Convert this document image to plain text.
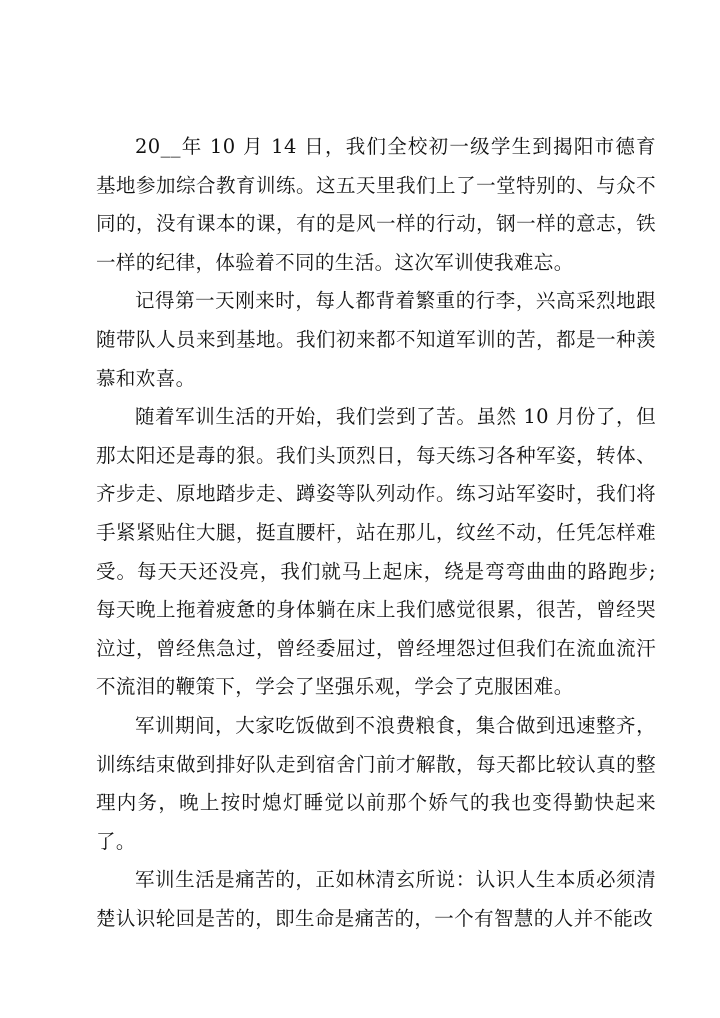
20__年 10 月 14 日，我们全校初一级学生到揭阳市德育基地参加综合教育训练。这五天里我们上了一堂特别的、与众不同的，没有课本的课，有的是风一样的行动，钢一样的意志，铁一样的纪律，体验着不同的生活。这次军训使我难忘。

记得第一天刚来时，每人都背着繁重的行李，兴高采烈地跟随带队人员来到基地。我们初来都不知道军训的苦，都是一种羡慕和欢喜。

随着军训生活的开始，我们尝到了苦。虽然 10 月份了，但那太阳还是毒的狠。我们头顶烈日，每天练习各种军姿，转体、齐步走、原地踏步走、蹲姿等队列动作。练习站军姿时，我们将手紧紧贴住大腿，挺直腰杆，站在那儿，纹丝不动，任凭怎样难受。每天天还没亮，我们就马上起床，绕是弯弯曲曲的路跑步;每天晚上拖着疲惫的身体躺在床上我们感觉很累，很苦，曾经哭泣过，曾经焦急过，曾经委屈过，曾经埋怨过但我们在流血流汗不流泪的鞭策下，学会了坚强乐观，学会了克服困难。

军训期间，大家吃饭做到不浪费粮食，集合做到迅速整齐，训练结束做到排好队走到宿舍门前才解散，每天都比较认真的整理内务，晚上按时熄灯睡觉以前那个娇气的我也变得勤快起来了。

军训生活是痛苦的，正如林清玄所说：认识人生本质必须清楚认识轮回是苦的，即生命是痛苦的，一个有智慧的人并不能改
